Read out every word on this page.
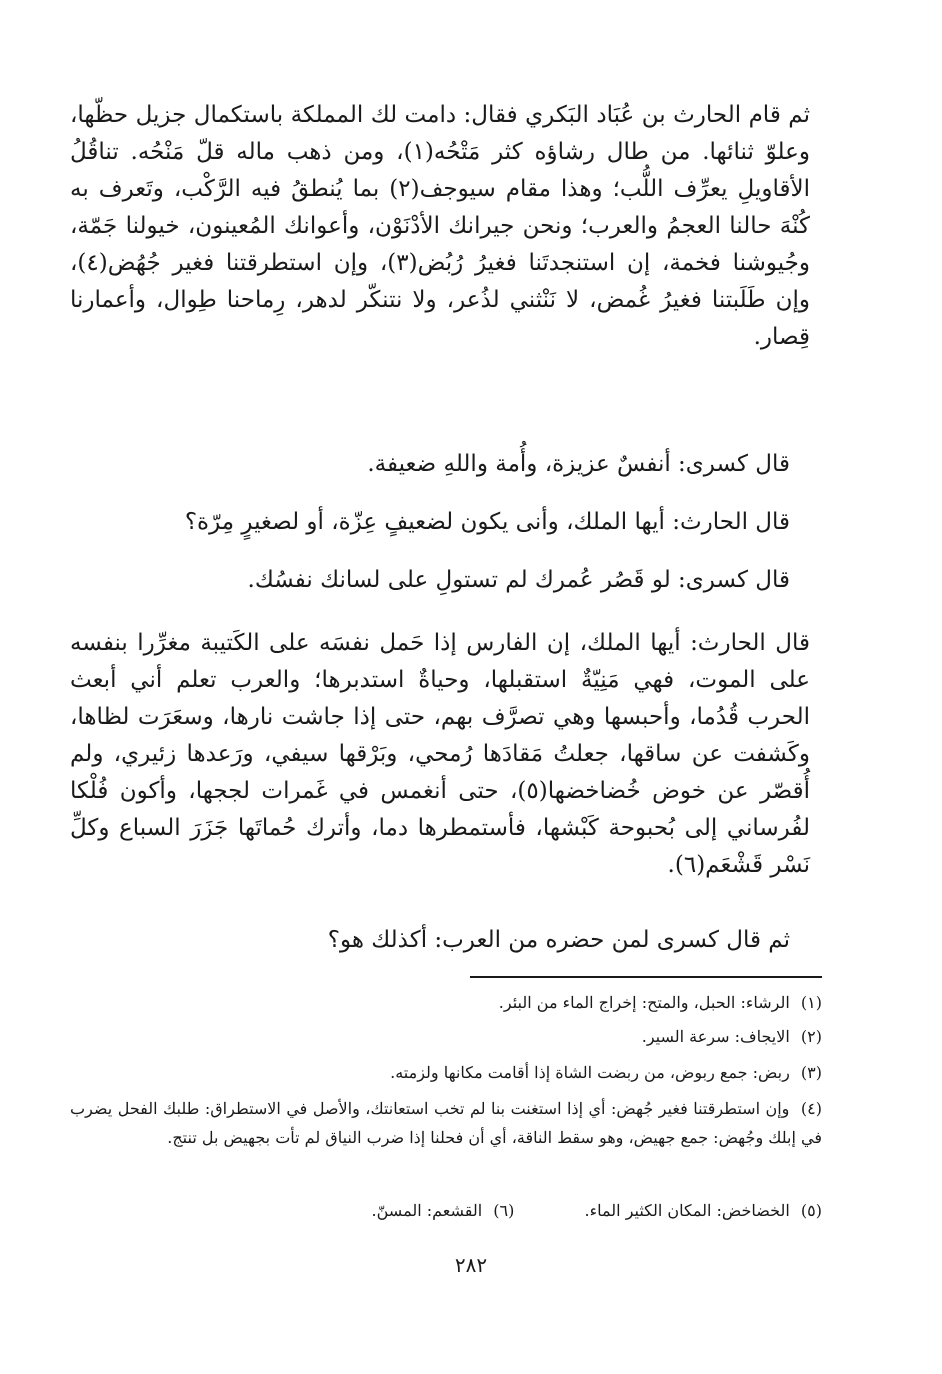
ثم قام الحارث بن عُبَاد البَكري فقال: دامت لك المملكة باستكمال جزيل حظّها، وعلوّ ثنائها. من طال رشاؤه كثر مَتْحُه(١)، ومن ذهب ماله قلّ مَنْحُه. تناقُلُ الأقاويلِ يعرِّف اللُّب؛ وهذا مقام سيوجف(٢) بما يُنطقُ فيه الرَّكْب، وتَعرف به كُنْهَ حالنا العجمُ والعرب؛ ونحن جيرانك الأدْنَوْن، وأعوانك المُعينون، خيولنا جَمّة، وجُيوشنا فخمة، إن استنجدتَنا فغيرُ رُبُض(٣)، وإن استطرقتنا فغير جُهُض(٤)، وإن طَلَبتنا فغيرُ غُمض، لا نَنْثني لذُعر، ولا نتنكّر لدهر، رِماحنا طِوال، وأعمارنا قِصار.

قال كسرى: أنفسٌ عزيزة، وأُمة واللهِ ضعيفة.

قال الحارث: أيها الملك، وأنى يكون لضعيفٍ عِزّة، أو لصغيرٍ مِرّة؟

قال كسرى: لو قَصُر عُمرك لم تستولِ على لسانك نفسُك.

قال الحارث: أيها الملك، إن الفارس إذا حَمل نفسَه على الكَتيبة مغرِّرا بنفسه على الموت، فهي مَنِيّةٌ استقبلها، وحياةٌ استدبرها؛ والعرب تعلم أني أبعث الحرب قُدُما، وأحبسها وهي تصرَّف بهم، حتى إذا جاشت نارها، وسعَرَت لظاها، وكَشفت عن ساقها، جعلتُ مَقادَها رُمحي، وبَرْقها سيفي، ورَعدها زئيري، ولم أُقصّر عن خوض خُضاخضها(٥)، حتى أنغمس في غَمرات لججها، وأكون فُلْكا لفُرساني إلى بُحبوحة كَبْشها، فأستمطرها دما، وأترك حُماتَها جَزَرَ السباع وكلِّ نَسْر قَشْعَم(٦).

ثم قال كسرى لمن حضره من العرب: أكذلك هو؟

(١) الرشاء: الحبل، والمتح: إخراج الماء من البئر.

(٢) الايجاف: سرعة السير.

(٣) ربض: جمع ربوض، من ربضت الشاة إذا أقامت مكانها ولزمته.

(٤) وإن استطرقتنا فغير جُهض: أي إذا استغنت بنا لم تخب استعانتك، والأصل في الاستطراق: طلبك الفحل يضرب في إبلك وجُهض: جمع جهيض، وهو سقط الناقة، أي أن فحلنا إذا ضرب النياق لم تأت بجهيض بل تنتج.

(٥) الخضاخض: المكان الكثير الماء.  (٦) القشعم: المسنّ.

٢٨٢
